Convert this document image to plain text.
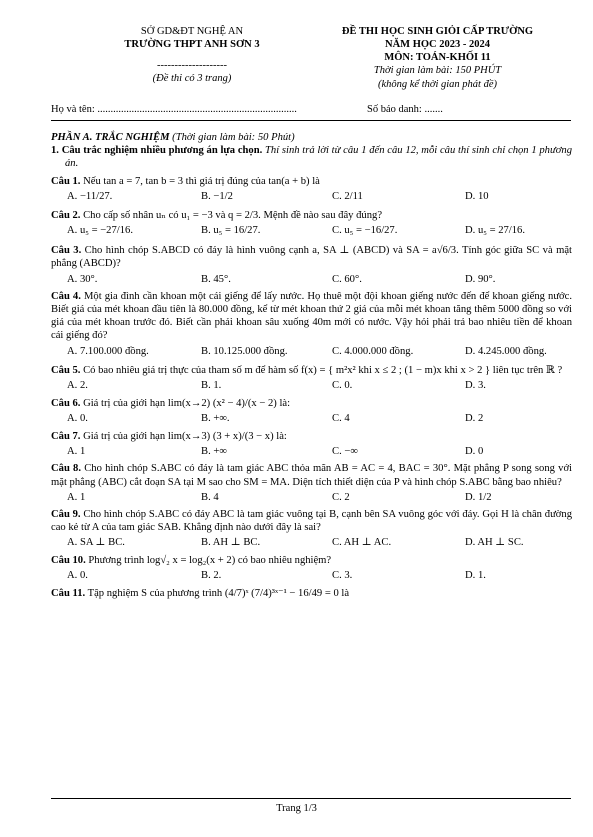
SỞ GD&ĐT NGHỆ AN
TRƯỜNG THPT ANH SƠN 3
--------------------
(Đề thi có 3 trang)
ĐỀ THI HỌC SINH GIỎI CẤP TRƯỜNG
NĂM HỌC 2023 - 2024
MÔN: TOÁN-KHỐI 11
Thời gian làm bài: 150 PHÚT
(không kể thời gian phát đề)
Họ và tên: ............................................................................	Số báo danh: .......
PHẦN A. TRẮC NGHIỆM (Thời gian làm bài: 50 Phút)
1. Câu trắc nghiệm nhiều phương án lựa chọn. Thí sinh trả lời từ câu 1 đến câu 12, mỗi câu thí sinh chỉ chọn 1 phương án.
Câu 1. Nếu tan a = 7, tan b = 3 thì giá trị đúng của tan(a + b) là
A. −11/27.	B. −1/2	C. 2/11	D. 10
Câu 2. Cho cấp số nhân uₙ có u₁ = −3 và q = 2/3. Mệnh đề nào sau đây đúng?
A. u₅ = −27/16.	B. u₅ = 16/27.	C. u₅ = −16/27.	D. u₅ = 27/16.
Câu 3. Cho hình chóp S.ABCD có đáy là hình vuông cạnh a, SA ⊥ (ABCD) và SA = a√6/3. Tính góc giữa SC và mặt phẳng (ABCD)?
A. 30°.	B. 45°.	C. 60°.	D. 90°.
Câu 4. Một gia đình cần khoan một cái giếng để lấy nước. Họ thuê một đội khoan giếng nước đến để khoan giếng nước. Biết giá của mét khoan đầu tiên là 80.000 đồng, kể từ mét khoan thứ 2 giá của mỗi mét khoan tăng thêm 5000 đồng so với giá của mét khoan trước đó. Biết cần phải khoan sâu xuống 40m mới có nước. Vậy hỏi phải trả bao nhiêu tiền để khoan cái giếng đó?
A. 7.100.000 đồng.	B. 10.125.000 đồng.	C. 4.000.000 đồng.	D. 4.245.000 đồng.
Câu 5. Có bao nhiêu giá trị thực của tham số m để hàm số f(x) = { m²x² khi x ≤ 2 ; (1 − m)x khi x > 2 } liên tục trên ℝ ?
A. 2.	B. 1.	C. 0.	D. 3.
Câu 6. Giá trị của giới hạn lim(x→2) (x² − 4)/(x − 2) là:
A. 0.	B. +∞.	C. 4	D. 2
Câu 7. Giá trị của giới hạn lim(x→3) (3 + x)/(3 − x) là:
A. 1	B. +∞	C. −∞	D. 0
Câu 8. Cho hình chóp S.ABC có đáy là tam giác ABC thỏa mãn AB = AC = 4, BAC = 30°. Mặt phẳng P song song với mặt phẳng (ABC) cắt đoạn SA tại M sao cho SM = MA. Diện tích thiết diện của P và hình chóp S.ABC bằng bao nhiêu?
A. 1	B. 4	C. 2	D. 1/2
Câu 9. Cho hình chóp S.ABC có đáy ABC là tam giác vuông tại B, cạnh bên SA vuông góc với đáy. Gọi H là chân đường cao kẻ từ A của tam giác SAB. Khẳng định nào dưới đây là sai?
A. SA ⊥ BC.	B. AH ⊥ BC.	C. AH ⊥ AC.	D. AH ⊥ SC.
Câu 10. Phương trình log√₂ x = log₂(x + 2) có bao nhiêu nghiệm?
A. 0.	B. 2.	C. 3.	D. 1.
Câu 11. Tập nghiệm S của phương trình (4/7)ˣ (7/4)³ˣ⁻¹ − 16/49 = 0 là
Trang 1/3
